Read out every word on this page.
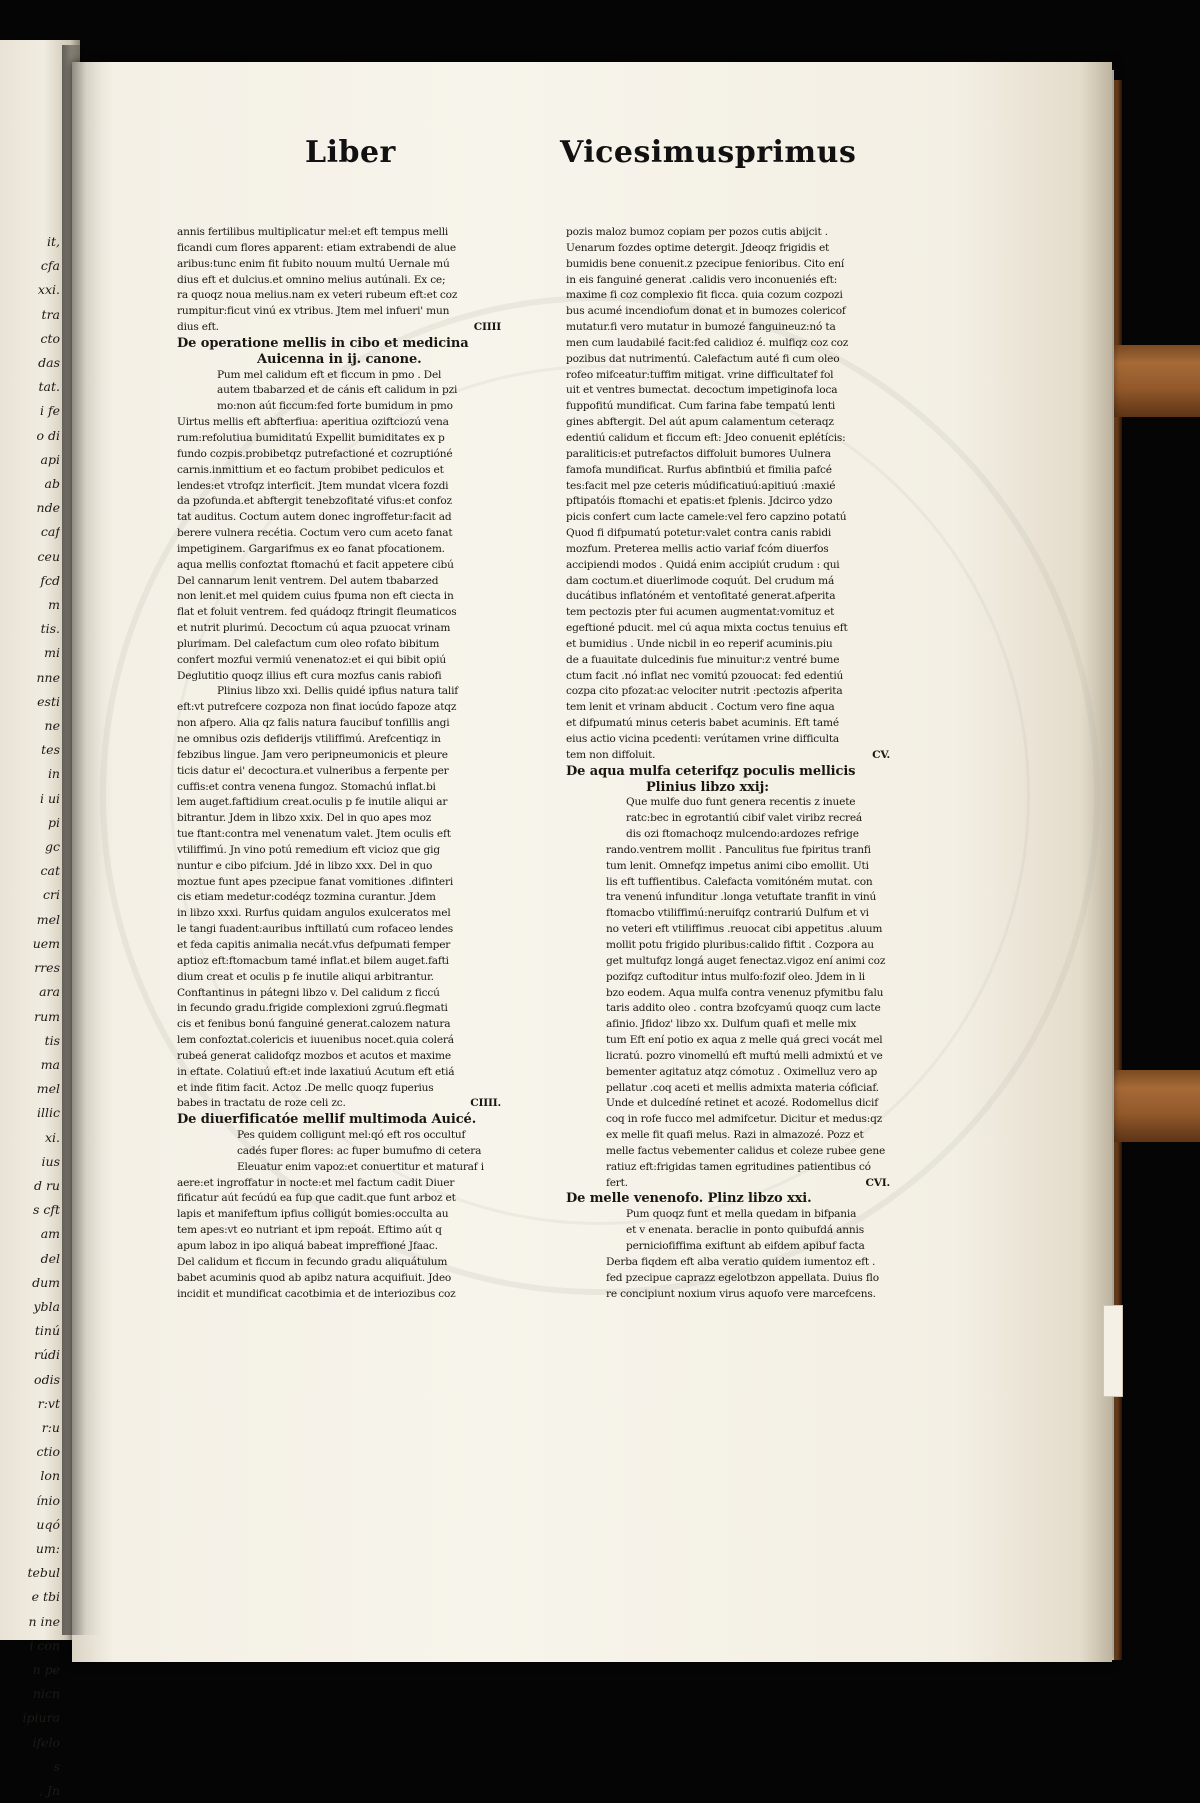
it,
cfa
xxi.
tra
cto
das
tat.
i fe
o di
api
ab
nde
caf
ceu
fcd
m
tis.
mi
nne
esti
ne
tes
in
i ui
pi
gc
cat
cri
mel
uem
rres
ara
rum
tis
ma
mel
illic
xi.
ius
d ru
s cft
am
del
dum
ybla
tinú
rúdi
odis
r:vt
r:u
ctio
lon
ínio
uqó
um:
tebul
e tbi
n ine
i con
n pe
nicn
ipiura
ifelo
s
, Jn
Liber	Vicesimusprimus
annis fertilibus multiplicatur mel:et eft tempus melli
ficandi cum flores apparent: etiam extrabendi de alue
aribus:tunc enim fit fubito nouum multú Uernale mú
dius eft et dulcius.et omnino melius autúnali. Ex ce;
ra quoqz noua melius.nam ex veteri rubeum eft:et coz
rumpitur:ficut vinú ex vtribus. Jtem mel infueri' mun
dius eft.	CIIII
De operatione mellis in cibo et medicina
Auicenna in ij. canone.
Pum mel calidum eft et ficcum in pmo . Del
autem tbabarzed et de cánis eft calidum in pzi
mo:non aút ficcum:fed forte bumidum in pmo
Uirtus mellis eft abfterfiua: aperitiua oziftciozú vena
rum:refolutiua bumiditatú Expellit bumiditates ex p
fundo cozpis.probibetqz putrefactioné et cozruptióné
carnis.inmittium et eo factum probibet pediculos et
lendes:et vtrofqz interficit. Jtem mundat vlcera fozdi
da pzofunda.et abftergit tenebzofitaté vifus:et confoz
tat auditus. Coctum autem donec ingroffetur:facit ad
berere vulnera recétia. Coctum vero cum aceto fanat
impetiginem. Gargarifmus ex eo fanat pfocationem.
aqua mellis confoztat ftomachú et facit appetere cibú
Del cannarum lenit ventrem. Del autem tbabarzed
non lenit.et mel quidem cuius fpuma non eft ciecta in
flat et foluit ventrem. fed quádoqz ftringit fleumaticos
et nutrit plurimú. Decoctum cú aqua pzuocat vrinam
plurimam. Del calefactum cum oleo rofato bibitum
confert mozfui vermiú venenatoz:et ei qui bibit opiú
Deglutitio quoqz illius eft cura mozfus canis rabiofi
Plinius libzo xxi. Dellis quidé ipfius natura talif
eft:vt putrefcere cozpoza non finat iocúdo fapoze atqz
non afpero. Alia qz falis natura faucibuf tonfillis angi
ne omnibus ozis defiderijs vtiliffimú. Arefcentiqz in
febzibus lingue. Jam vero peripneumonicis et pleure
ticis datur ei' decoctura.et vulneribus a ferpente per
cuffis:et contra venena fungoz. Stomachú inflat.bi
lem auget.faftidium creat.oculis p fe inutile aliqui ar
bitrantur. Jdem in libzo xxix. Del in quo apes moz
tue ftant:contra mel venenatum valet. Jtem oculis eft
vtiliffimú. Jn vino potú remedium eft vicioz que gig
nuntur e cibo pifcium. Jdé in libzo xxx. Del in quo
moztue funt apes pzecipue fanat vomitiones .difinteri
cis etiam medetur:codéqz tozmina curantur. Jdem
in libzo xxxi. Rurfus quidam angulos exulceratos mel
le tangi fuadent:auribus inftillatú cum rofaceo lendes
et feda capitis animalia necát.vfus defpumati femper
aptioz eft:ftomacbum tamé inflat.et bilem auget.fafti
dium creat et oculis p fe inutile aliqui arbitrantur.
Conftantinus in pátegni libzo v. Del calidum z ficcú
in fecundo gradu.frigide complexioni zgruú.flegmati
cis et fenibus bonú fanguiné generat.calozem natura
lem confoztat.colericis et iuuenibus nocet.quia colerá
rubeá generat calidofqz mozbos et acutos et maxime
in eftate. Colatiuú eft:et inde laxatiuú Acutum eft etiá
et inde fitim facit. Actoz .De mellc quoqz fuperius
babes in tractatu de roze celi zc.	CIIII.
De diuerfificatóe mellif multimoda Auicé.
Pes quidem colligunt mel:qó eft ros occultuf
cadés fuper flores: ac fuper bumufmo di cetera
Eleuatur enim vapoz:et conuertitur et maturaf i
aere:et ingroffatur in nocte:et mel factum cadit Diuer
fificatur aút fecúdú ea fup que cadit.que funt arboz et
lapis et manifeftum ipfius colligút bomies:occulta au
tem apes:vt eo nutriant et ipm repoát. Eftimo aút q
apum laboz in ipo aliquá babeat impreffioné Jfaac.
Del calidum et ficcum in fecundo gradu aliquátulum
babet acuminis quod ab apibz natura acquifiuit. Jdeo
incidit et mundificat cacotbimia et de interiozibus coz
pozis maloz bumoz copiam per pozos cutis abijcit .
Uenarum fozdes optime detergit. Jdeoqz frigidis et
bumidis bene conuenit.z pzecipue fenioribus. Cito ení
in eis fanguiné generat .calidis vero inconueniés eft:
maxime fi coz complexio fit ficca. quia cozum cozpozi
bus acumé incendiofum donat et in bumozes colericof
mutatur.fi vero mutatur in bumozé fanguineuz:nó ta
men cum laudabilé facit:fed calidioz é. mulfiqz coz coz
pozibus dat nutrimentú. Calefactum auté fi cum oleo
rofeo mifceatur:tuffim mitigat. vrine difficultatef fol
uit et ventres bumectat. decoctum impetiginofa loca
fuppofitú mundificat. Cum farina fabe tempatú lenti
gines abftergit. Del aút apum calamentum ceteraqz
edentiú calidum et ficcum eft: Jdeo conuenit eplétícis:
paraliticis:et putrefactos diffoluit bumores Uulnera
famofa mundificat. Rurfus abfintbiú et fimilia pafcé
tes:facit mel pze ceteris múdificatiuú:apitiuú :maxié
pftipatóis ftomachi et epatis:et fplenis. Jdcirco ydzo
picis confert cum lacte camele:vel fero capzino potatú
Quod fi difpumatú potetur:valet contra canis rabidi
mozfum. Preterea mellis actio variaf fcóm diuerfos
accipiendi modos . Quidá enim accipiút crudum : qui
dam coctum.et diuerlimode coquút. Del crudum má
ducátibus inflatóném et ventofitaté generat.afperita
tem pectozis pter fui acumen augmentat:vomituz et
egeftioné pducit. mel cú aqua mixta coctus tenuius eft
et bumidius . Unde nicbil in eo reperif acuminis.piu
de a fuauitate dulcedinis fue minuitur:z ventré bume
ctum facit .nó inflat nec vomitú pzouocat: fed edentiú
cozpa cito pfozat:ac velociter nutrit :pectozis afperita
tem lenit et vrinam abducit . Coctum vero fine aqua
et difpumatú minus ceteris babet acuminis. Eft tamé
eius actio vicina pcedenti: verútamen vrine difficulta
tem non diffoluit.	CV.
De aqua mulfa ceterifqz poculis mellicis
Plinius libzo xxij:
Que mulfe duo funt genera recentis z inuete
ratc:bec in egrotantiú cibif valet viribz recreá
dis ozi ftomachoqz mulcendo:ardozes refrige
rando.ventrem mollit . Panculitus fue fpiritus tranfi
tum lenit. Omnefqz impetus animi cibo emollit. Uti
lis eft tuffientibus. Calefacta vomitóném mutat. con
tra venenú infunditur .longa vetuftate tranfit in vinú
ftomacbo vtiliffimú:neruifqz contrariú Dulfum et vi
no veteri eft vtiliffimus .reuocat cibi appetitus .aluum
mollit potu frigido pluribus:calido fiftit . Cozpora au
get multufqz longá auget fenectaz.vigoz ení animi coz
pozifqz cuftoditur intus mulfo:fozif oleo. Jdem in li
bzo eodem. Aqua mulfa contra venenuz pfymitbu falu
taris addito oleo . contra bzofcyamú quoqz cum lacte
afinio. Jfidoz' libzo xx. Dulfum quafi et melle mix
tum Eft ení potio ex aqua z melle quá greci vocát mel
licratú. pozro vinomellú eft muftú melli admixtú et ve
bementer agitatuz atqz cómotuz . Oximelluz vero ap
pellatur .coq aceti et mellis admixta materia cóficiaf.
Unde et dulcedíné retinet et acozé. Rodomellus dicif
coq in rofe fucco mel admifcetur. Dicitur et medus:qz
ex melle fit quafi melus. Razi in almazozé. Pozz et
melle factus vebementer calidus et coleze rubee gene
ratiuz eft:frigidas tamen egritudines patientibus có
fert.	CVI.
De melle venenofo. Plinz libzo xxi.
Pum quoqz funt et mella quedam in bifpania
et v enenata. beraclie in ponto quibufdá annis
perniciofiffima exiftunt ab eifdem apibuf facta
Derba fiqdem eft alba veratio quidem iumentoz eft .
fed pzecipue caprazz egelotbzon appellata. Duius flo
re concipiunt noxium virus aquofo vere marcefcens.
